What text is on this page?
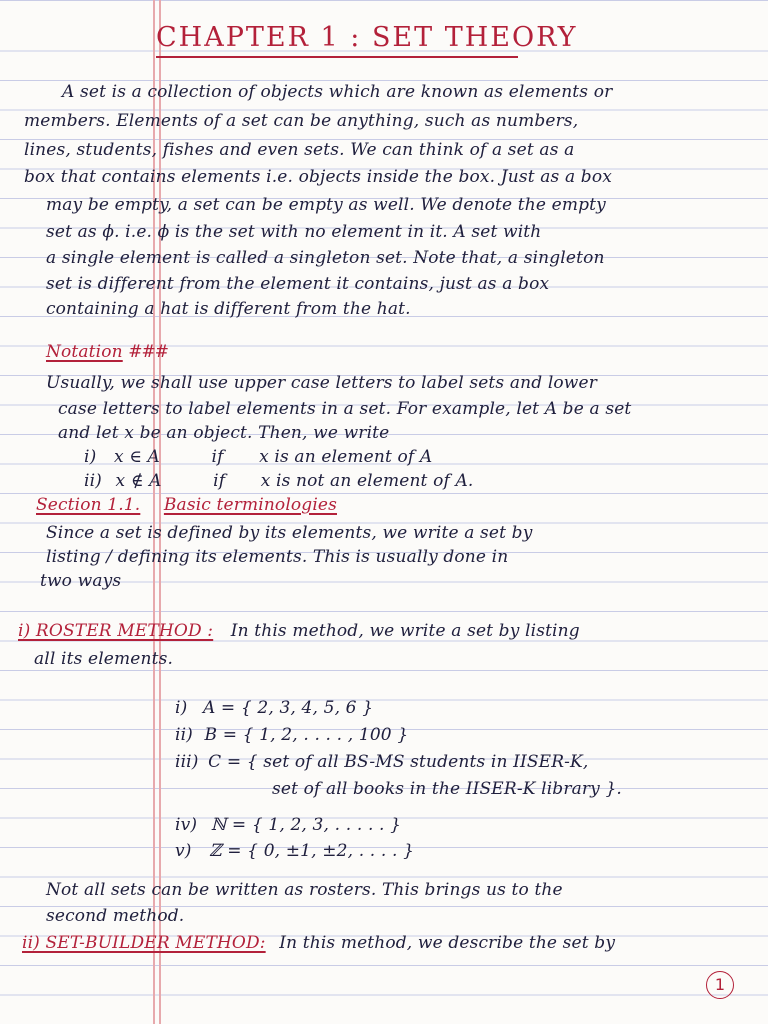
CHAPTER 1 : SET THEORY
A set is a collection of objects which are known as elements or
members. Elements of a set can be anything, such as numbers,
lines, students, fishes and even sets. We can think of a set as a
box that contains elements i.e. objects inside the box. Just as a box
may be empty, a set can be empty as well. We denote the empty
set as ϕ. i.e. ϕ is the set with no element in it. A set with
a single element is called a singleton set. Note that, a singleton
set is different from the element it contains, just as a box
containing a hat is different from the hat.
Notation ###
Usually, we shall use upper case letters to label sets and lower
case letters to label elements in a set. For example, let A be a set
and let x be an object. Then, we write
i) x ∈ A	if x is an element of A
ii) x ∉ A	if x is not an element of A.
Section 1.1. Basic terminologies
Since a set is defined by its elements, we write a set by
listing / defining its elements. This is usually done in
two ways
i) ROSTER METHOD : In this method, we write a set by listing
all its elements.
i) A = { 2, 3, 4, 5, 6 }
ii) B = { 1, 2, . . . . , 100 }
iii) C = { set of all BS-MS students in IISER-K,
set of all books in the IISER-K library }.
iv) ℕ = { 1, 2, 3, . . . . . }
v) ℤ = { 0, ±1, ±2, . . . . }
Not all sets can be written as rosters. This brings us to the
second method.
ii) SET-BUILDER METHOD: In this method, we describe the set by
1
